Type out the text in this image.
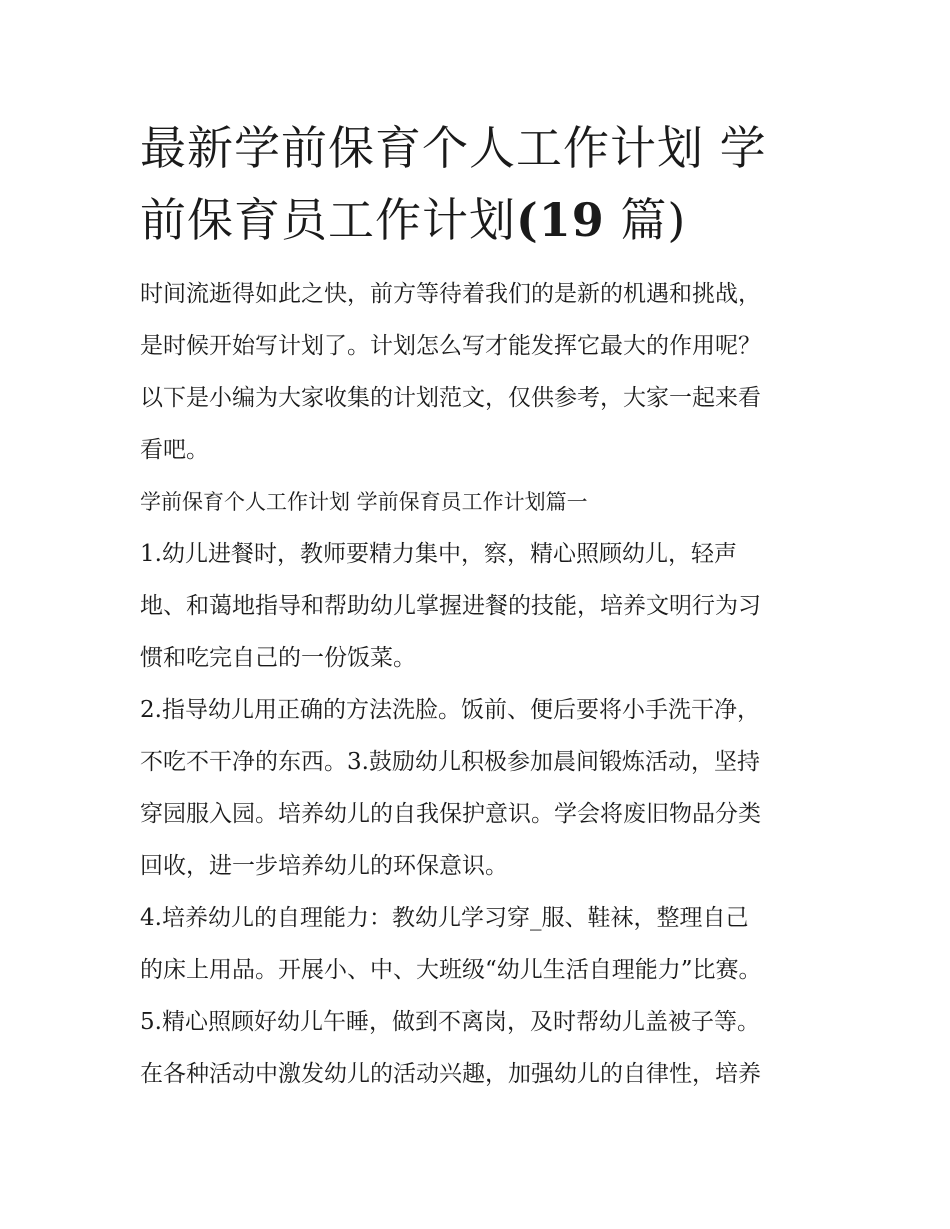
最新学前保育个人工作计划 学
前保育员工作计划(19 篇)

时间流逝得如此之快，前方等待着我们的是新的机遇和挑战，

是时候开始写计划了。计划怎么写才能发挥它最大的作用呢？

以下是小编为大家收集的计划范文，仅供参考，大家一起来看

看吧。

学前保育个人工作计划 学前保育员工作计划篇一

1.幼儿进餐时，教师要精力集中，察，精心照顾幼儿，轻声

地、和蔼地指导和帮助幼儿掌握进餐的技能，培养文明行为习

惯和吃完自己的一份饭菜。

2.指导幼儿用正确的方法洗脸。饭前、便后要将小手洗干净，

不吃不干净的东西。3.鼓励幼儿积极参加晨间锻炼活动，坚持

穿园服入园。培养幼儿的自我保护意识。学会将废旧物品分类

回收，进一步培养幼儿的环保意识。

4.培养幼儿的自理能力：教幼儿学习穿_服、鞋袜，整理自己

的床上用品。开展小、中、大班级“幼儿生活自理能力”比赛。

5.精心照顾好幼儿午睡，做到不离岗，及时帮幼儿盖被子等。

在各种活动中激发幼儿的活动兴趣，加强幼儿的自律性，培养
